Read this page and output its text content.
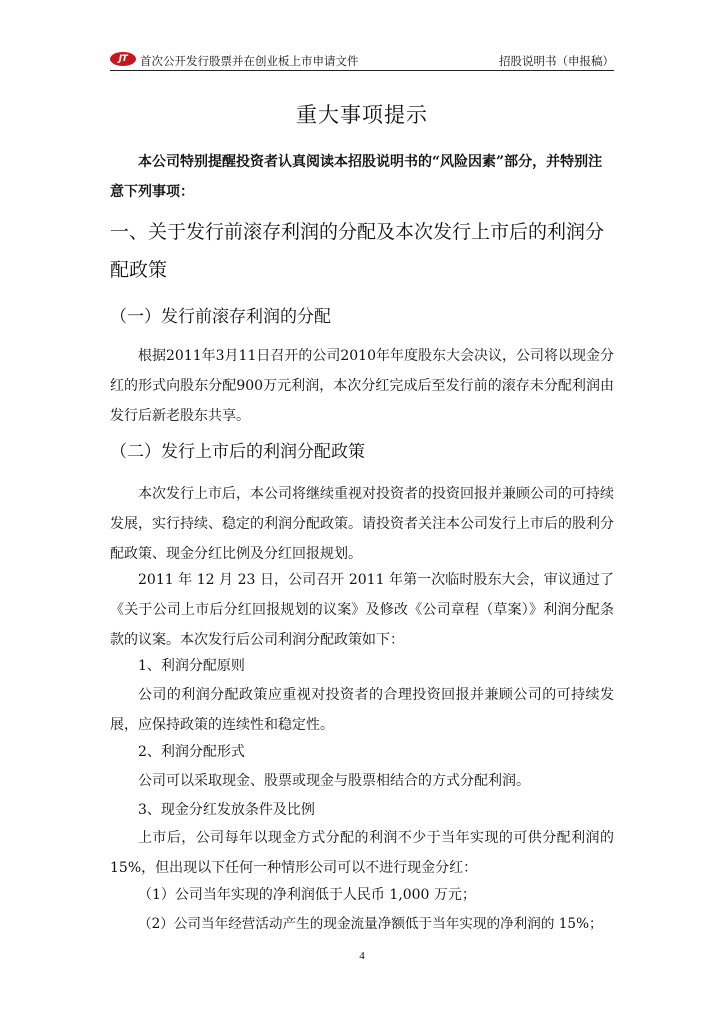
JT	首次公开发行股票并在创业板上市申请文件	招股说明书（申报稿）
重大事项提示
本公司特别提醒投资者认真阅读本招股说明书的“风险因素”部分，并特别注意下列事项：
一、关于发行前滚存利润的分配及本次发行上市后的利润分配政策
（一）发行前滚存利润的分配
根据2011年3月11日召开的公司2010年年度股东大会决议，公司将以现金分红的形式向股东分配900万元利润，本次分红完成后至发行前的滚存未分配利润由发行后新老股东共享。
（二）发行上市后的利润分配政策
本次发行上市后，本公司将继续重视对投资者的投资回报并兼顾公司的可持续发展，实行持续、稳定的利润分配政策。请投资者关注本公司发行上市后的股利分配政策、现金分红比例及分红回报规划。
2011 年 12 月 23 日，公司召开 2011 年第一次临时股东大会，审议通过了《关于公司上市后分红回报规划的议案》及修改《公司章程（草案）》利润分配条款的议案。本次发行后公司利润分配政策如下：
1、利润分配原则
公司的利润分配政策应重视对投资者的合理投资回报并兼顾公司的可持续发展，应保持政策的连续性和稳定性。
2、利润分配形式
公司可以采取现金、股票或现金与股票相结合的方式分配利润。
3、现金分红发放条件及比例
上市后，公司每年以现金方式分配的利润不少于当年实现的可供分配利润的15%，但出现以下任何一种情形公司可以不进行现金分红：
（1）公司当年实现的净利润低于人民币 1,000 万元；
（2）公司当年经营活动产生的现金流量净额低于当年实现的净利润的 15%；
4
